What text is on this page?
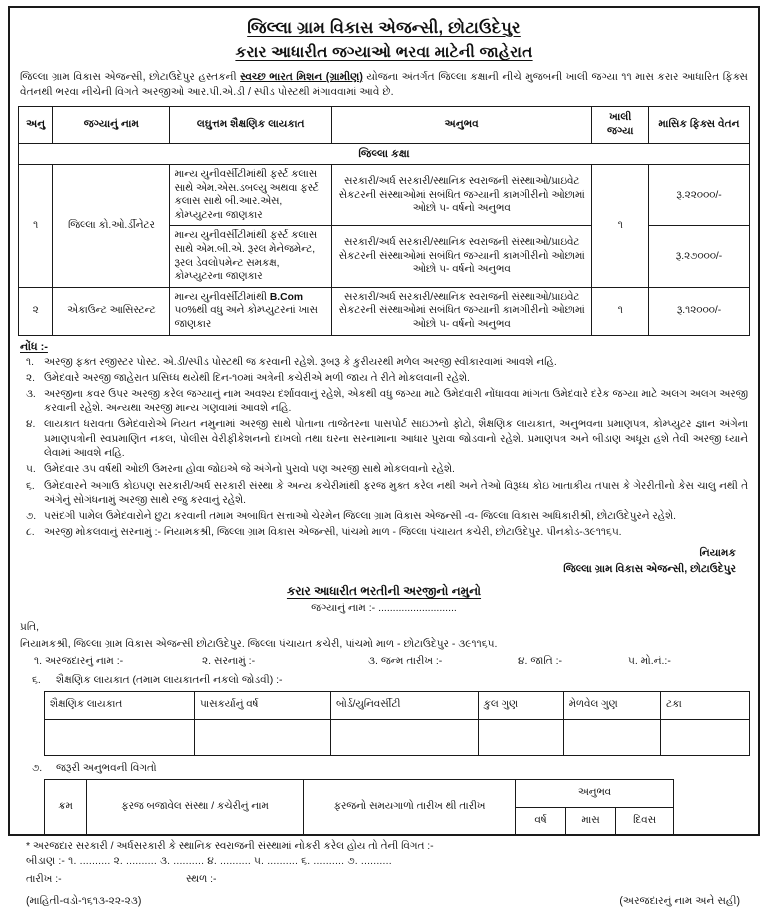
જિલ્લા ગ્રામ વિકાસ એજન્સી, છોટાઉદેપુર
કરાર આધારીત જગ્યાઓ ભરવા માટેની જાહેરાત
જિલ્લા ગ્રામ વિકાસ એજન્સી, છોટાઉદેપુર હસ્તકની સ્વચ્છ ભારત મિશન (ગ્રામીણ) યોજના અંતર્ગત જિલ્લા કક્ષાની નીચે મુજબની ખાલી જગ્યા ૧૧ માસ કરાર આધારિત ફિક્સ વેતનથી ભરવા નીચેની વિગતે અરજીઓ આર.પી.એ.ડી / સ્પીડ પોસ્ટથી મંગાવવામાં આવે છે.
અનુ	જગ્યાનું નામ	લઘુત્તમ શૈક્ષણિક લાયકાત	અનુભવ	ખાલી જગ્યા	માસિક ફિક્સ વેતન
જિલ્લા કક્ષા					
૧	જિલ્લા કો.ઓ.ર્ડીનેટર	માન્ય યુનીવર્સીટીમાંથી ફર્સ્ટ કલાસ સાથે એમ.એસ.ડબલ્યુ અથવા ફર્સ્ટ કલાસ સાથે બી.આર.એસ, કોમ્પ્યુટરના જાણકાર	સરકારી/અર્ધ સરકારી/સ્થાનિક સ્વરાજની સંસ્થાઓ/પ્રાઇવેટ સેકટરની સંસ્થાઓમાં સબંધિત જગ્યાની કામગીરીનો ઓછામાં ઓછો ૫- વર્ષનો અનુભવ	૧	રૂ.૨૨૦૦૦/-
		માન્ય યુનીવર્સીટીમાંથી ફર્સ્ટ કલાસ સાથે એમ.બી.એ. રૂરલ મેનેજમેન્ટ, રૂરલ ડેવલોપમેન્ટ સમકક્ષ, કોમ્પ્યુટરના જાણકાર	સરકારી/અર્ધ સરકારી/સ્થાનિક સ્વરાજની સંસ્થાઓ/પ્રાઇવેટ સેકટરની સંસ્થાઓમાં સબંધિત જગ્યાની કામગીરીનો ઓછામાં ઓછો ૫- વર્ષનો અનુભવ		રૂ.૨૭૦૦૦/-
૨	એકાઉન્ટ આસિસ્ટન્ટ	માન્ય યુનીવર્સીટીમાંથી B.Com ૫૦%થી વધુ અને કોમ્પ્યુટરનાં ખાસ જાણકાર	સરકારી/અર્ધ સરકારી/સ્થાનિક સ્વરાજની સંસ્થાઓ/પ્રાઇવેટ સેકટરની સંસ્થાઓમાં સબંધિત જગ્યાની કામગીરીનો ઓછામાં ઓછો ૫- વર્ષનો અનુભવ	૧	રૂ.૧૨૦૦૦/-
નોંધ :-
૧. અરજી ફક્ત રજીસ્ટર પોસ્ટ. એ.ડી/સ્પીડ પોસ્ટથી જ કરવાની રહેશે. રૂબરૂ કે કુરીયરથી મળેલ અરજી સ્વીકારવામાં આવશે નહિ.
૨. ઉમેદવારે અરજી જાહેરાત પ્રસિધ્ધ થયેથી દિન-૧૦માં અત્રેની કચેરીએ મળી જાય તે રીતે મોકલવાની રહેશે.
૩. અરજીના કવર ઉપર અરજી કરેલ જગ્યાનું નામ અવશ્ય દર્શાવવાનું રહેશે, એકથી વધુ જગ્યા માટે ઉમેદવારી નોંધાવવા માંગતા ઉમેદવારે દરેક જગ્યા માટે અલગ અલગ અરજી કરવાની રહેશે. અન્યથા અરજી માન્ય ગણવામાં આવશે નહિ.
૪. લાયકાત ધરાવતા ઉમેદવારોએ નિયત નમુનામાં અરજી સાથે પોતાના તાજેતરના પાસપોર્ટ સાઇઝનો ફોટો, શૈક્ષણિક લાયકાત, અનુભવના પ્રમાણપત્ર, કોમ્પ્યુટર જ્ઞાન અંગેના પ્રમાણપત્રોની સ્વપ્રમાણિત નકલ, પોલીસ વેરીફીકેશનનો દાખલો તથા ઘરના સરનામાના આધાર પુરાવા જોડવાનો રહેશે. પ્રમાણપત્ર અને બીડાણ અધૂરા હશે તેવી અરજી ધ્યાને લેવામાં આવશે નહિ.
૫. ઉમેદવાર ૩૫ વર્ષથી ઓછી ઉમરના હોવા જોઇએ જે અંગેનો પુરાવો પણ અરજી સાથે મોકલવાનો રહેશે.
૬. ઉમેદવારને અગાઉ કોઇપણ સરકારી/અર્ધ સરકારી સંસ્થા કે અન્ય કચેરીમાંથી ફરજ મુક્ત કરેલ નથી અને તેઓ વિરૂધ્ધ કોઇ ખાતાકીય તપાસ કે ગેરરીતીનો કેસ ચાલુ નથી તે અંગેનું સોગંધનામું અરજી સાથે રજુ કરવાનું રહેશે.
૭. પસંદગી પામેલ ઉમેદવારોને છુટા કરવાની તમામ અબાધિત સત્તાઓ ચેરમેન જિલ્લા ગ્રામ વિકાસ એજન્સી -વ- જિલ્લા વિકાસ અધિકારીશ્રી, છોટાઉદેપુરને રહેશે.
૮. અરજી મોકલવાનું સરનામું :- નિયામકશ્રી, જિલ્લા ગ્રામ વિકાસ એજન્સી, પાંચમો માળ - જિલ્લા પંચાયત કચેરી, છોટાઉદેપુર. પીનકોડ-૩૯૧૧૬૫.
નિયામક
જિલ્લા ગ્રામ વિકાસ એજન્સી, છોટાઉદેપુર
કરાર આધારીત ભરતીની અરજીનો નમુનો
જગ્યાનું નામ :- ...........................
પ્રતિ,
નિયામકશ્રી, જિલ્લા ગ્રામ વિકાસ એજન્સી છોટાઉદેપુર. જિલ્લા પંચાયત કચેરી, પાંચમો માળ - છોટાઉદેપુર - ૩૯૧૧૬૫.
૧. અરજદારનું નામ :-	૨. સરનામું :-	૩. જન્મ તારીખ :-	૪. જાતિ :-	૫. મો.નં.:-
૬.	શૈક્ષણિક લાયકાત (તમામ લાયકાતની નકલો જોડવી) :-
શૈક્ષણિક લાયકાત	પાસકર્યાનું વર્ષ	બોર્ડ/યુનિવર્સીટી	કુલ ગુણ	મેળવેલ ગુણ	ટકા

૭.	જરૂરી અનુભવની વિગતો
ક્રમ	ફરજ બજાવેલ સંસ્થા / કચેરીનું નામ	ફરજનો સમયગાળો તારીખ થી તારીખ	અનુભવ		
			વર્ષ	માસ	દિવસ
* અરજદાર સરકારી / અર્ધસરકારી કે સ્થાનિક સ્વરાજની સંસ્થામાં નોકરી કરેલ હોય તો તેની વિગત :-
બીડાણ :- ૧. .......... ૨. .......... ૩. .......... ૪. .......... ૫. .......... ૬. .......... ૭. ..........
તારીખ :-	સ્થળ :-
(માહિતી-વડો-૧૬૧૩-૨૨-૨૩)	(અરજદારનું નામ અને સહી)
